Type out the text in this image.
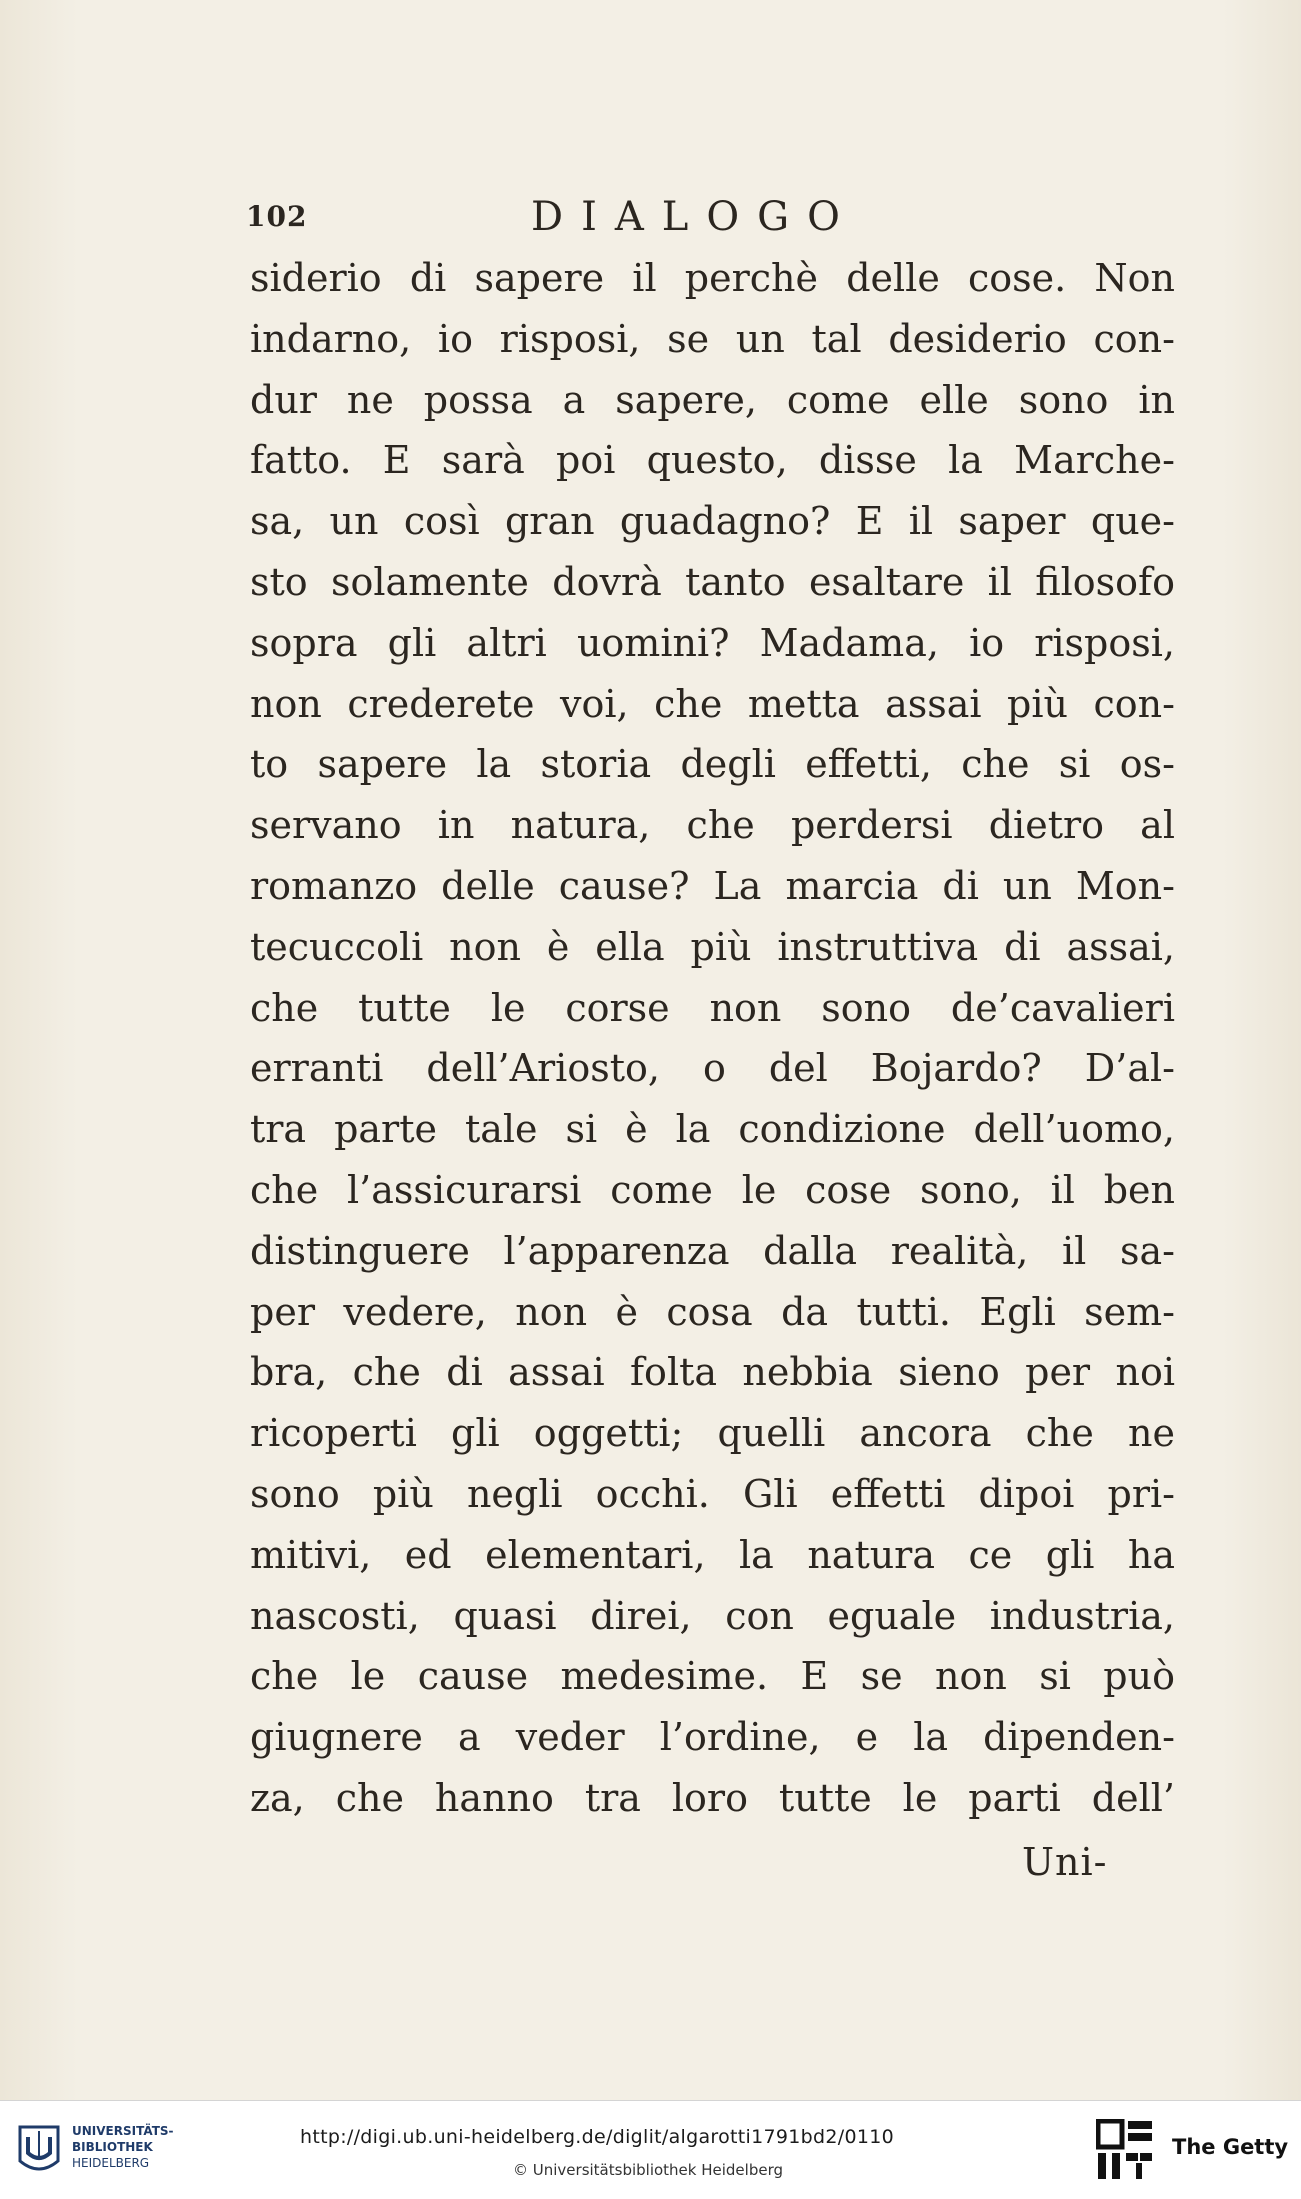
102	DIALOGO
siderio di sapere il perchè delle cose. Non
indarno, io risposi, se un tal desiderio con-
dur ne possa a sapere, come elle sono in
fatto. E sarà poi questo, disse la Marche-
sa, un così gran guadagno? E il saper que-
sto solamente dovrà tanto esaltare il filosofo
sopra gli altri uomini? Madama, io risposi,
non crederete voi, che metta assai più con-
to sapere la storia degli effetti, che si os-
servano in natura, che perdersi dietro al
romanzo delle cause? La marcia di un Mon-
tecuccoli non è ella più instruttiva di assai,
che tutte le corse non sono de’cavalieri
erranti dell’Ariosto, o del Bojardo? D’al-
tra parte tale si è la condizione dell’uomo,
che l’assicurarsi come le cose sono, il ben
distinguere l’apparenza dalla realità, il sa-
per vedere, non è cosa da tutti. Egli sem-
bra, che di assai folta nebbia sieno per noi
ricoperti gli oggetti; quelli ancora che ne
sono più negli occhi. Gli effetti dipoi pri-
mitivi, ed elementari, la natura ce gli ha
nascosti, quasi direi, con eguale industria,
che le cause medesime. E se non si può
giugnere a veder l’ordine, e la dipenden-
za, che hanno tra loro tutte le parti dell’
Uni-
UNIVERSITÄTS-
BIBLIOTHEK
HEIDELBERG
http://digi.ub.uni-heidelberg.de/diglit/algarotti1791bd2/0110
© Universitätsbibliothek Heidelberg
The Getty
